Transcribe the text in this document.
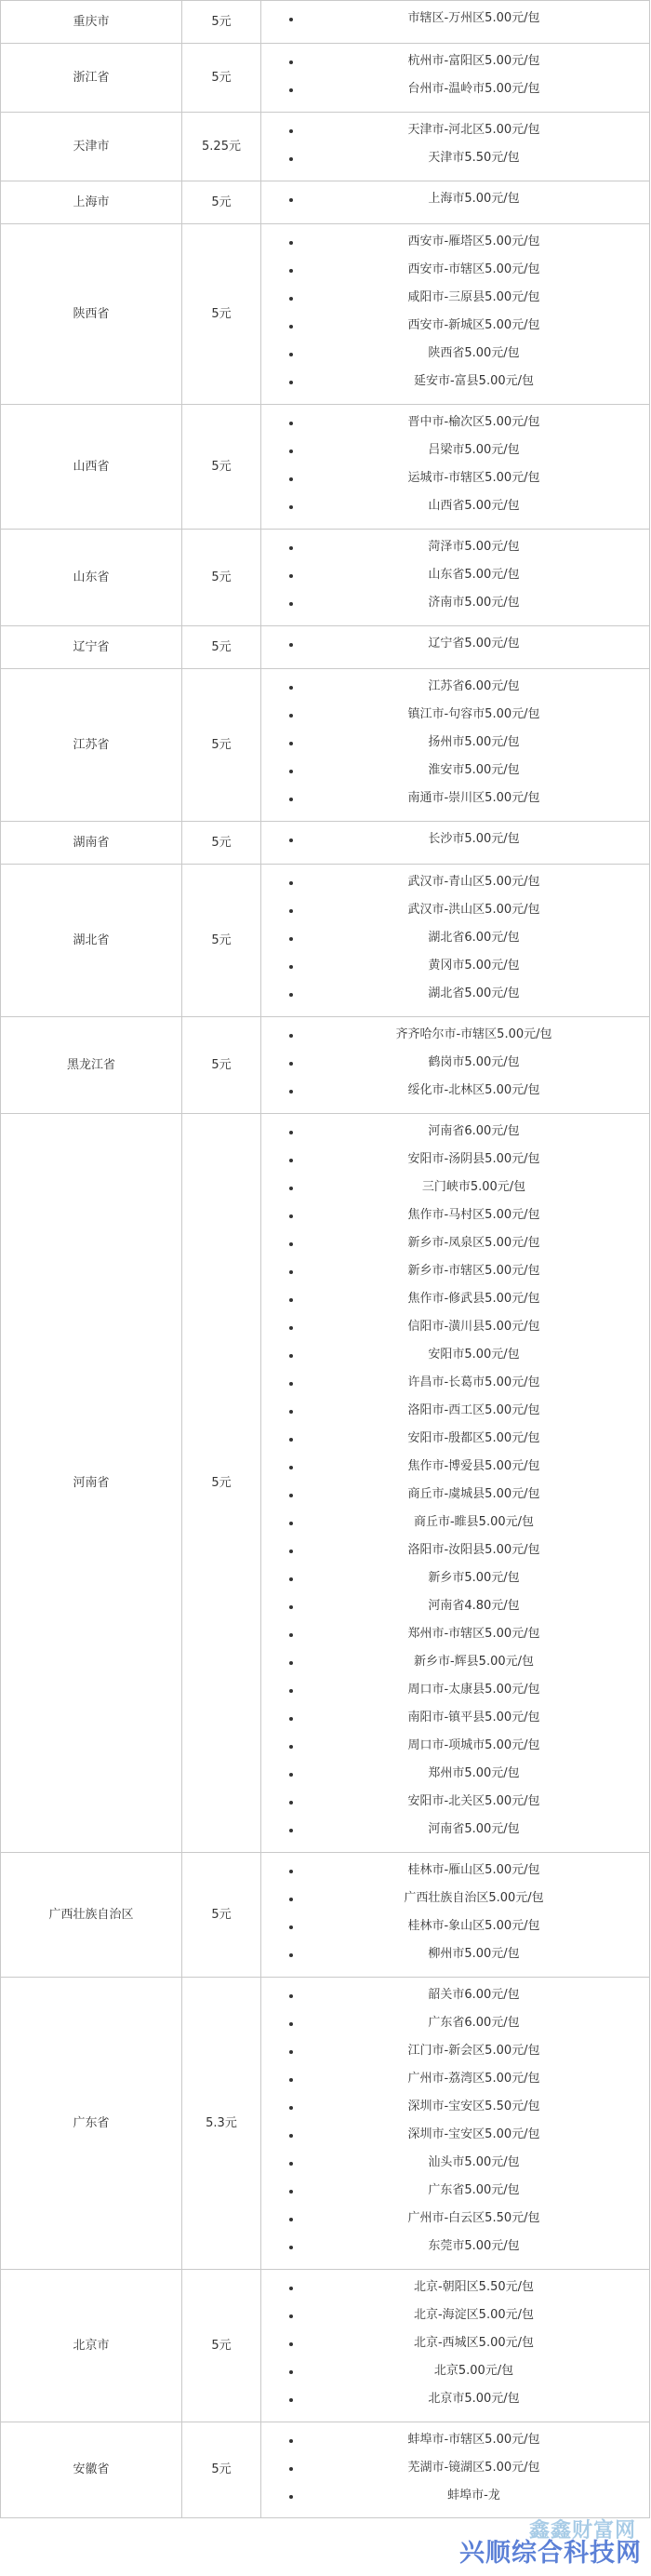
重庆市	5元	市辖区-万州区5.00元/包
浙江省	5元
杭州市-富阳区5.00元/包
台州市-温岭市5.00元/包
天津市	5.25元
天津市-河北区5.00元/包
天津市5.50元/包
上海市	5元	上海市5.00元/包
陕西省	5元
西安市-雁塔区5.00元/包
西安市-市辖区5.00元/包
咸阳市-三原县5.00元/包
西安市-新城区5.00元/包
陕西省5.00元/包
延安市-富县5.00元/包
山西省	5元
晋中市-榆次区5.00元/包
吕梁市5.00元/包
运城市-市辖区5.00元/包
山西省5.00元/包
山东省	5元
菏泽市5.00元/包
山东省5.00元/包
济南市5.00元/包
辽宁省	5元	辽宁省5.00元/包
江苏省	5元
江苏省6.00元/包
镇江市-句容市5.00元/包
扬州市5.00元/包
淮安市5.00元/包
南通市-崇川区5.00元/包
湖南省	5元	长沙市5.00元/包
湖北省	5元
武汉市-青山区5.00元/包
武汉市-洪山区5.00元/包
湖北省6.00元/包
黄冈市5.00元/包
湖北省5.00元/包
黑龙江省	5元
齐齐哈尔市-市辖区5.00元/包
鹤岗市5.00元/包
绥化市-北林区5.00元/包
河南省	5元
河南省6.00元/包
安阳市-汤阴县5.00元/包
三门峡市5.00元/包
焦作市-马村区5.00元/包
新乡市-凤泉区5.00元/包
新乡市-市辖区5.00元/包
焦作市-修武县5.00元/包
信阳市-潢川县5.00元/包
安阳市5.00元/包
许昌市-长葛市5.00元/包
洛阳市-西工区5.00元/包
安阳市-殷都区5.00元/包
焦作市-博爱县5.00元/包
商丘市-虞城县5.00元/包
商丘市-睢县5.00元/包
洛阳市-汝阳县5.00元/包
新乡市5.00元/包
河南省4.80元/包
郑州市-市辖区5.00元/包
新乡市-辉县5.00元/包
周口市-太康县5.00元/包
南阳市-镇平县5.00元/包
周口市-项城市5.00元/包
郑州市5.00元/包
安阳市-北关区5.00元/包
河南省5.00元/包
广西壮族自治区	5元
桂林市-雁山区5.00元/包
广西壮族自治区5.00元/包
桂林市-象山区5.00元/包
柳州市5.00元/包
广东省	5.3元
韶关市6.00元/包
广东省6.00元/包
江门市-新会区5.00元/包
广州市-荔湾区5.00元/包
深圳市-宝安区5.50元/包
深圳市-宝安区5.00元/包
汕头市5.00元/包
广东省5.00元/包
广州市-白云区5.50元/包
东莞市5.00元/包
北京市	5元
北京-朝阳区5.50元/包
北京-海淀区5.00元/包
北京-西城区5.00元/包
北京5.00元/包
北京市5.00元/包
安徽省	5元
蚌埠市-市辖区5.00元/包
芜湖市-镜湖区5.00元/包
蚌埠市-龙
鑫鑫财富网
兴顺综合科技网
